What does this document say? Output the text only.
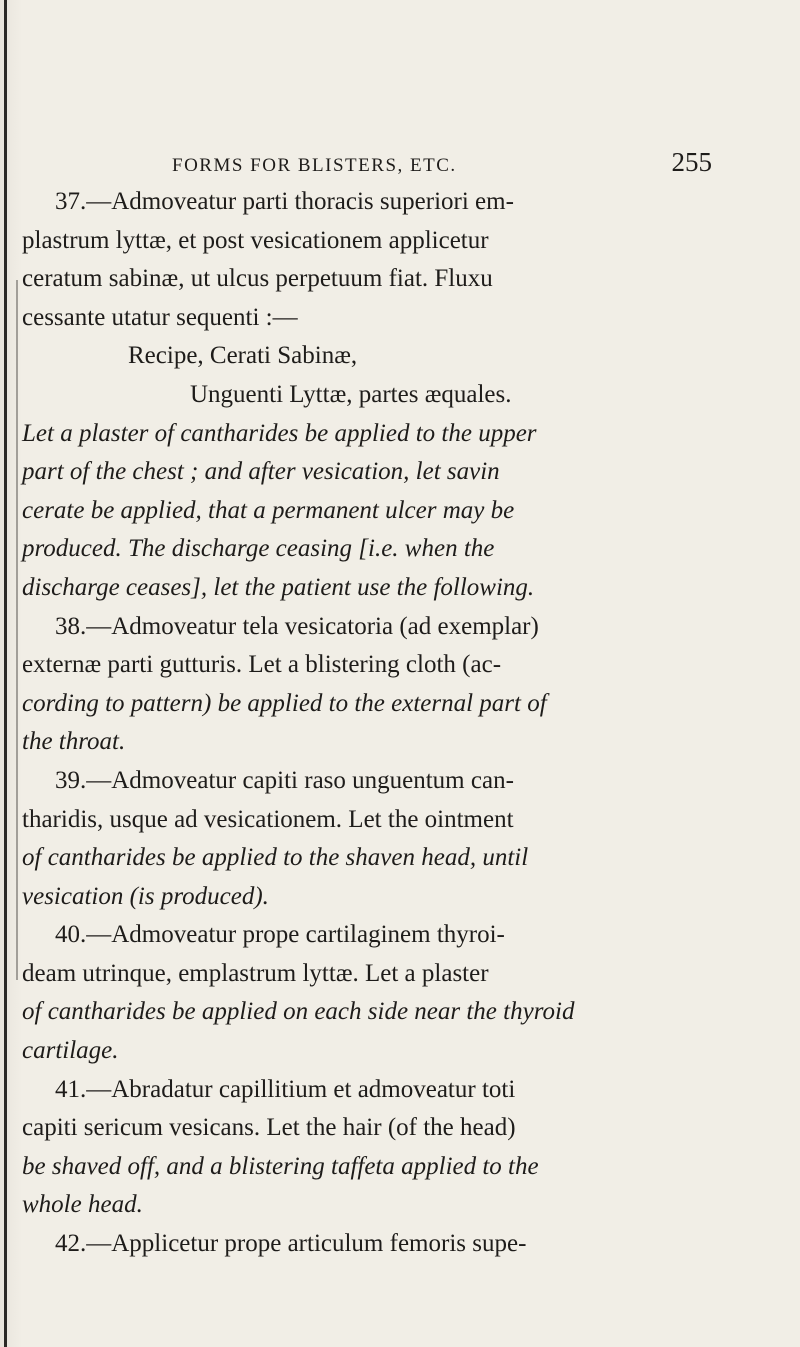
FORMS FOR BLISTERS, ETC.	255
37.—Admoveatur parti thoracis superiori em-
plastrum lyttæ, et post vesicationem applicetur
ceratum sabinæ, ut ulcus perpetuum fiat. Fluxu
cessante utatur sequenti :—
Recipe, Cerati Sabinæ,
Unguenti Lyttæ, partes æquales.
Let a plaster of cantharides be applied to the upper
part of the chest ; and after vesication, let savin
cerate be applied, that a permanent ulcer may be
produced. The discharge ceasing [i.e. when the
discharge ceases], let the patient use the following.
38.—Admoveatur tela vesicatoria (ad exemplar)
externæ parti gutturis. Let a blistering cloth (ac-
cording to pattern) be applied to the external part of
the throat.
39.—Admoveatur capiti raso unguentum can-
tharidis, usque ad vesicationem. Let the ointment
of cantharides be applied to the shaven head, until
vesication (is produced).
40.—Admoveatur prope cartilaginem thyroi-
deam utrinque, emplastrum lyttæ. Let a plaster
of cantharides be applied on each side near the thyroid
cartilage.
41.—Abradatur capillitium et admoveatur toti
capiti sericum vesicans. Let the hair (of the head)
be shaved off, and a blistering taffeta applied to the
whole head.
42.—Applicetur prope articulum femoris supe-
